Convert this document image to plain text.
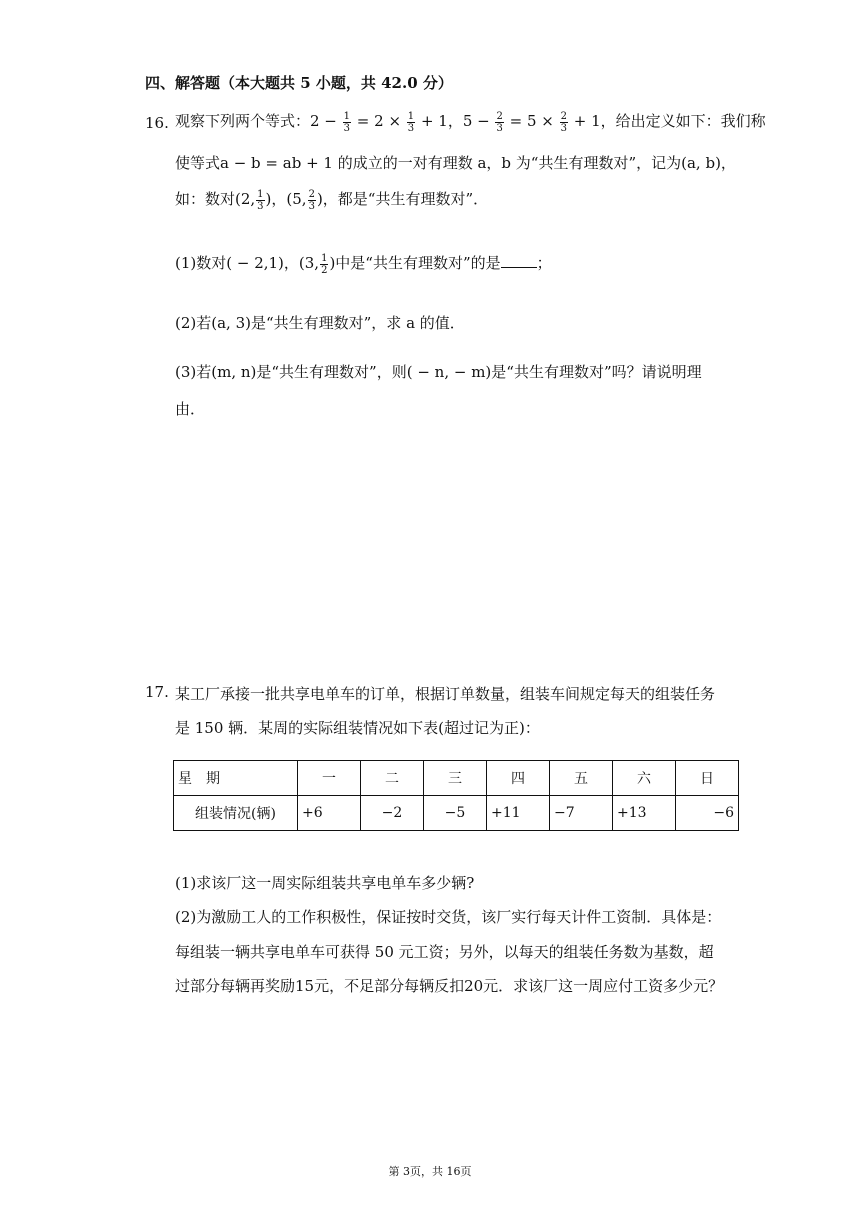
四、解答题（本大题共 5 小题，共 42.0 分）
16. 观察下列两个等式：$2 - \frac{1}{3} = 2 \times \frac{1}{3} + 1$，$5 - \frac{2}{3} = 5 \times \frac{2}{3} + 1$，给出定义如下：我们称
使等式a − b = ab + 1 的成立的一对有理数 a，b 为“共生有理数对”，记为(a, b)，
如：数对(2, $\frac{1}{3}$ )，(5, $\frac{2}{3}$ )，都是“共生有理数对”．
(1)数对( − 2,1)，(3, $\frac{1}{2}$ )中是“共生有理数对”的是 ；
(2)若(a, 3)是“共生有理数对”，求 a 的值．
(3)若(m, n)是“共生有理数对”，则( − n, − m)是“共生有理数对”吗？请说明理
由．
17. 某工厂承接一批共享电单车的订单，根据订单数量，组装车间规定每天的组装任务
是 150 辆．某周的实际组装情况如下表(超过记为正)：
星　期	一	二	三	四	五	六	日
组装情况(辆)	+6	−2	−5	+11	−7	+13	−6
(1)求该厂这一周实际组装共享电单车多少辆?
(2)为激励工人的工作积极性，保证按时交货，该厂实行每天计件工资制．具体是：
每组装一辆共享电单车可获得 50 元工资；另外，以每天的组装任务数为基数，超
过部分每辆再奖励15元，不足部分每辆反扣20元．求该厂这一周应付工资多少元？
第 3页，共 16页
